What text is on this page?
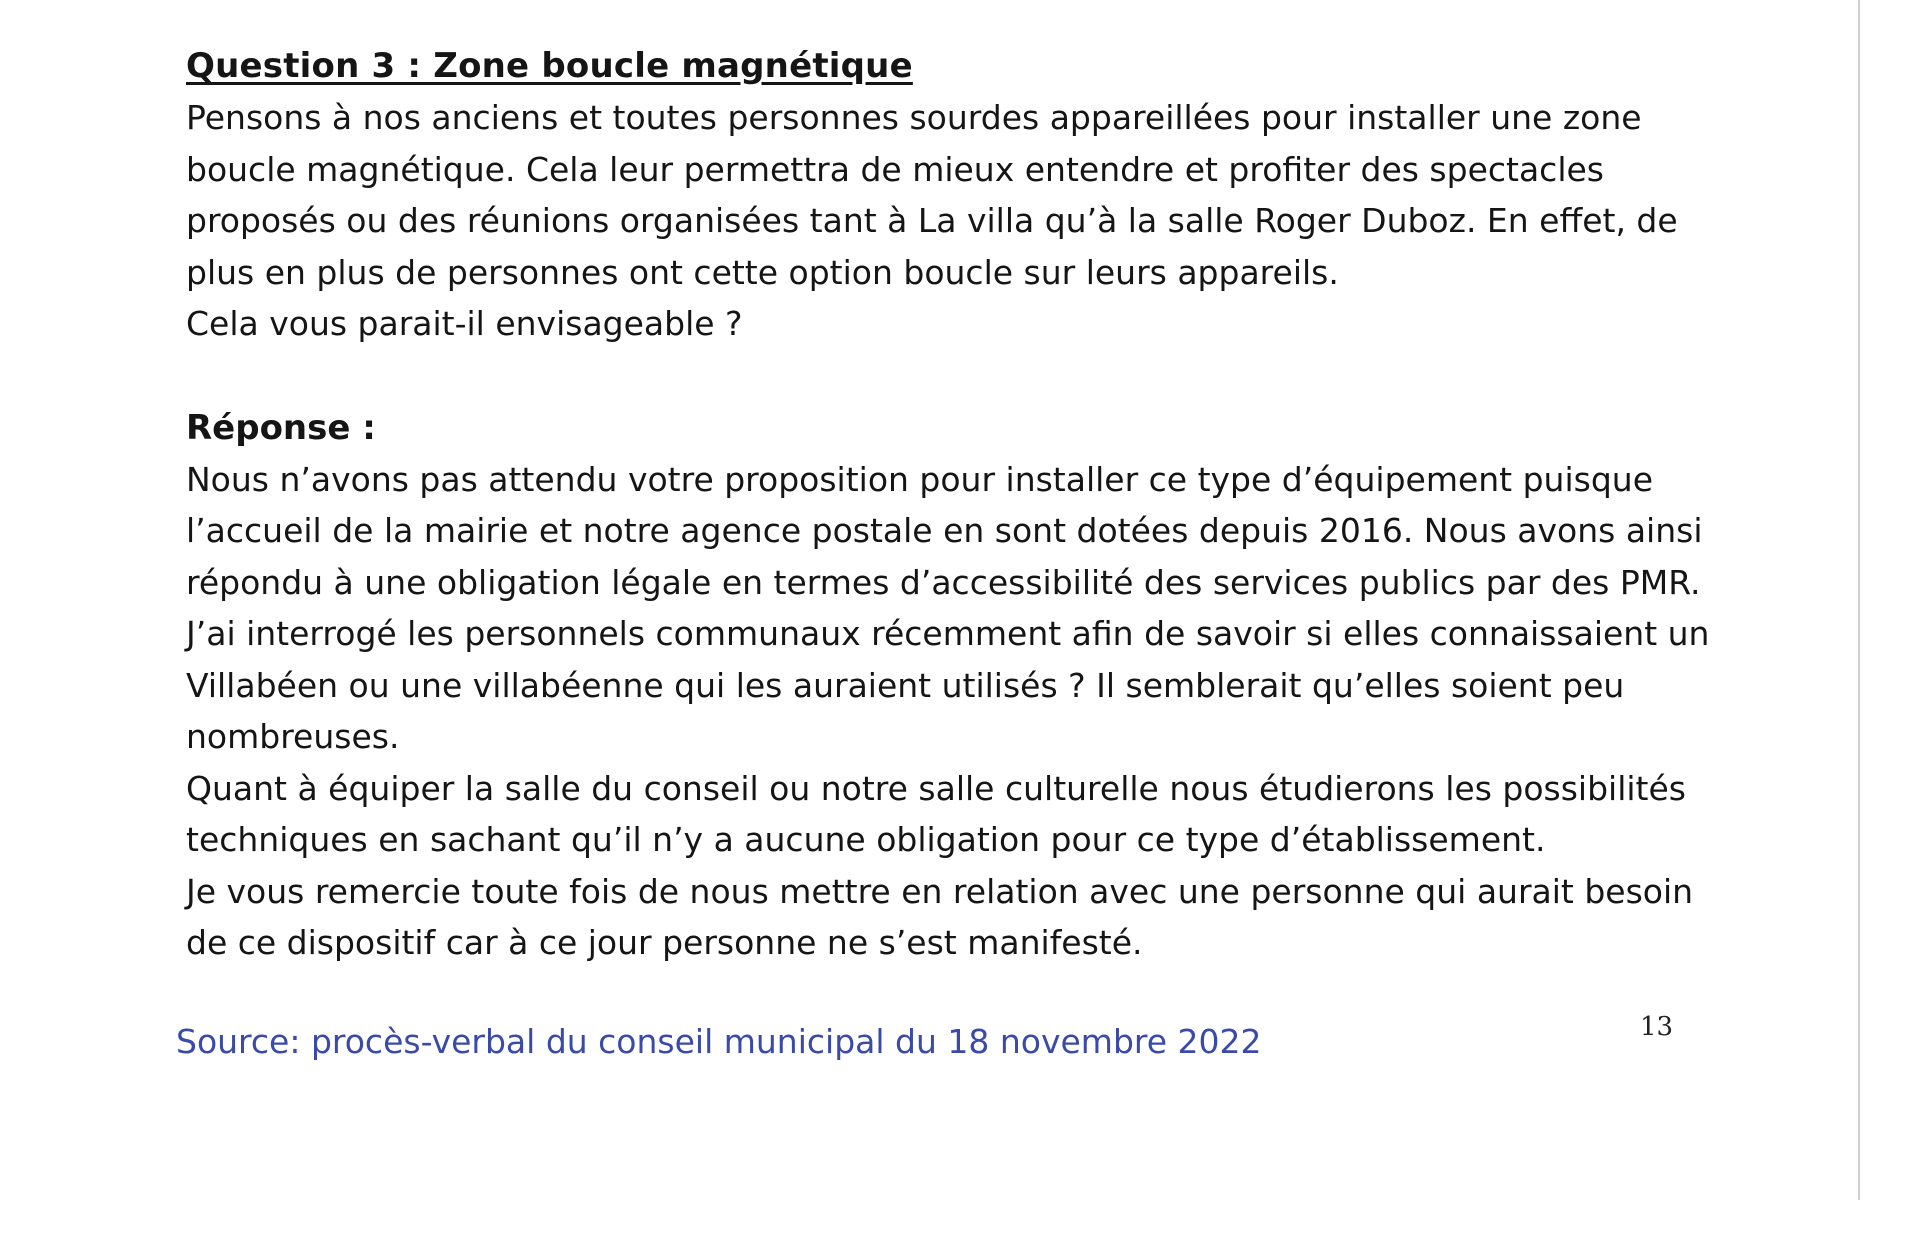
Question 3 : Zone boucle magnétique

Pensons à nos anciens et toutes personnes sourdes appareillées pour installer une zone
boucle magnétique. Cela leur permettra de mieux entendre et profiter des spectacles
proposés ou des réunions organisées tant à La villa qu’à la salle Roger Duboz. En effet, de
plus en plus de personnes ont cette option boucle sur leurs appareils.
Cela vous parait-il envisageable ?

Réponse :

Nous n’avons pas attendu votre proposition pour installer ce type d’équipement puisque
l’accueil de la mairie et notre agence postale en sont dotées depuis 2016. Nous avons ainsi
répondu à une obligation légale en termes d’accessibilité des services publics par des PMR.
J’ai interrogé les personnels communaux récemment afin de savoir si elles connaissaient un
Villabéen ou une villabéenne qui les auraient utilisés ? Il semblerait qu’elles soient peu
nombreuses.
Quant à équiper la salle du conseil ou notre salle culturelle nous étudierons les possibilités
techniques en sachant qu’il n’y a aucune obligation pour ce type d’établissement.
Je vous remercie toute fois de nous mettre en relation avec une personne qui aurait besoin
de ce dispositif car à ce jour personne ne s’est manifesté.

Source: procès-verbal du conseil municipal du 18 novembre 2022	13
